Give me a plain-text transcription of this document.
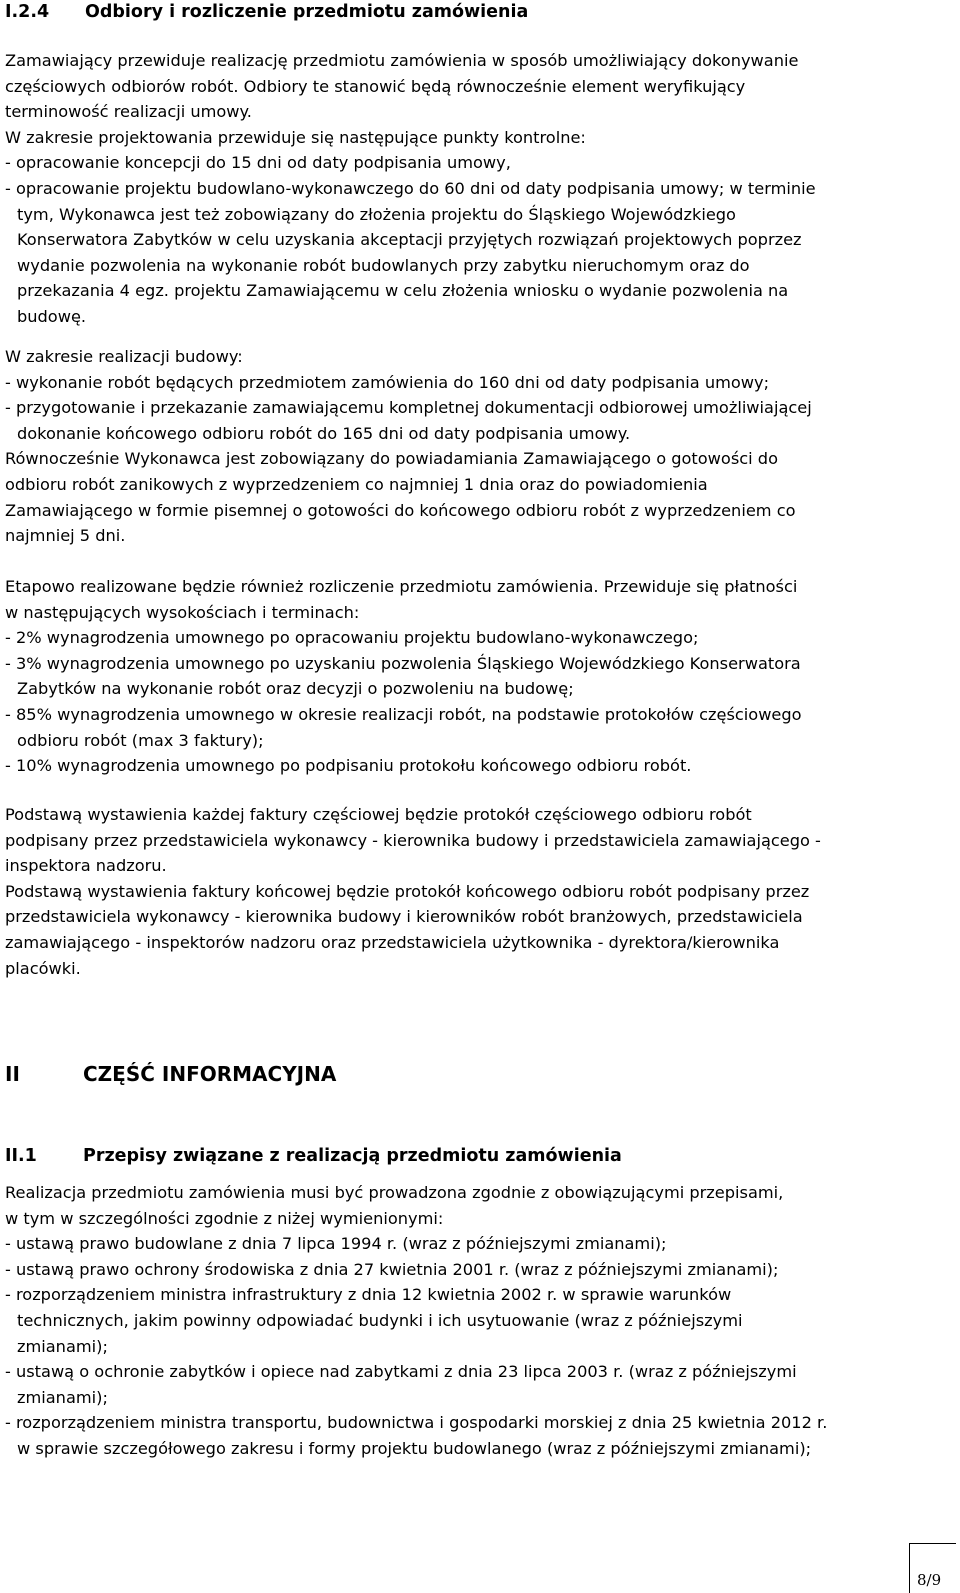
I.2.4 Odbiory i rozliczenie przedmiotu zamówienia
Zamawiający przewiduje realizację przedmiotu zamówienia w sposób umożliwiający dokonywanie
częściowych odbiorów robót. Odbiory te stanowić będą równocześnie element weryfikujący
terminowość realizacji umowy.
W zakresie projektowania przewiduje się następujące punkty kontrolne:
- opracowanie koncepcji do 15 dni od daty podpisania umowy,
- opracowanie projektu budowlano-wykonawczego do 60 dni od daty podpisania umowy; w terminie
tym, Wykonawca jest też zobowiązany do złożenia projektu do Śląskiego Wojewódzkiego
Konserwatora Zabytków w celu uzyskania akceptacji przyjętych rozwiązań projektowych poprzez
wydanie pozwolenia na wykonanie robót budowlanych przy zabytku nieruchomym oraz do
przekazania 4 egz. projektu Zamawiającemu w celu złożenia wniosku o wydanie pozwolenia na
budowę.
W zakresie realizacji budowy:
- wykonanie robót będących przedmiotem zamówienia do 160 dni od daty podpisania umowy;
- przygotowanie i przekazanie zamawiającemu kompletnej dokumentacji odbiorowej umożliwiającej
dokonanie końcowego odbioru robót do 165 dni od daty podpisania umowy.
Równocześnie Wykonawca jest zobowiązany do powiadamiania Zamawiającego o gotowości do
odbioru robót zanikowych z wyprzedzeniem co najmniej 1 dnia oraz do powiadomienia
Zamawiającego w formie pisemnej o gotowości do końcowego odbioru robót z wyprzedzeniem co
najmniej 5 dni.
Etapowo realizowane będzie również rozliczenie przedmiotu zamówienia. Przewiduje się płatności
w następujących wysokościach i terminach:
- 2% wynagrodzenia umownego po opracowaniu projektu budowlano-wykonawczego;
- 3% wynagrodzenia umownego po uzyskaniu pozwolenia Śląskiego Wojewódzkiego Konserwatora
Zabytków na wykonanie robót oraz decyzji o pozwoleniu na budowę;
- 85% wynagrodzenia umownego w okresie realizacji robót, na podstawie protokołów częściowego
odbioru robót (max 3 faktury);
- 10% wynagrodzenia umownego po podpisaniu protokołu końcowego odbioru robót.
Podstawą wystawienia każdej faktury częściowej będzie protokół częściowego odbioru robót
podpisany przez przedstawiciela wykonawcy - kierownika budowy i przedstawiciela zamawiającego -
inspektora nadzoru.
Podstawą wystawienia faktury końcowej będzie protokół końcowego odbioru robót podpisany przez
przedstawiciela wykonawcy - kierownika budowy i kierowników robót branżowych, przedstawiciela
zamawiającego - inspektorów nadzoru oraz przedstawiciela użytkownika - dyrektora/kierownika
placówki.
II	CZĘŚĆ INFORMACYJNA
II.1	Przepisy związane z realizacją przedmiotu zamówienia
Realizacja przedmiotu zamówienia musi być prowadzona zgodnie z obowiązującymi przepisami,
w tym w szczególności zgodnie z niżej wymienionymi:
- ustawą prawo budowlane z dnia 7 lipca 1994 r. (wraz z późniejszymi zmianami);
- ustawą prawo ochrony środowiska z dnia 27 kwietnia 2001 r. (wraz z późniejszymi zmianami);
- rozporządzeniem ministra infrastruktury z dnia 12 kwietnia 2002 r. w sprawie warunków
technicznych, jakim powinny odpowiadać budynki i ich usytuowanie (wraz z późniejszymi
zmianami);
- ustawą o ochronie zabytków i opiece nad zabytkami z dnia 23 lipca 2003 r. (wraz z późniejszymi
zmianami);
- rozporządzeniem ministra transportu, budownictwa i gospodarki morskiej z dnia 25 kwietnia 2012 r.
w sprawie szczegółowego zakresu i formy projektu budowlanego (wraz z późniejszymi zmianami);
8/9
